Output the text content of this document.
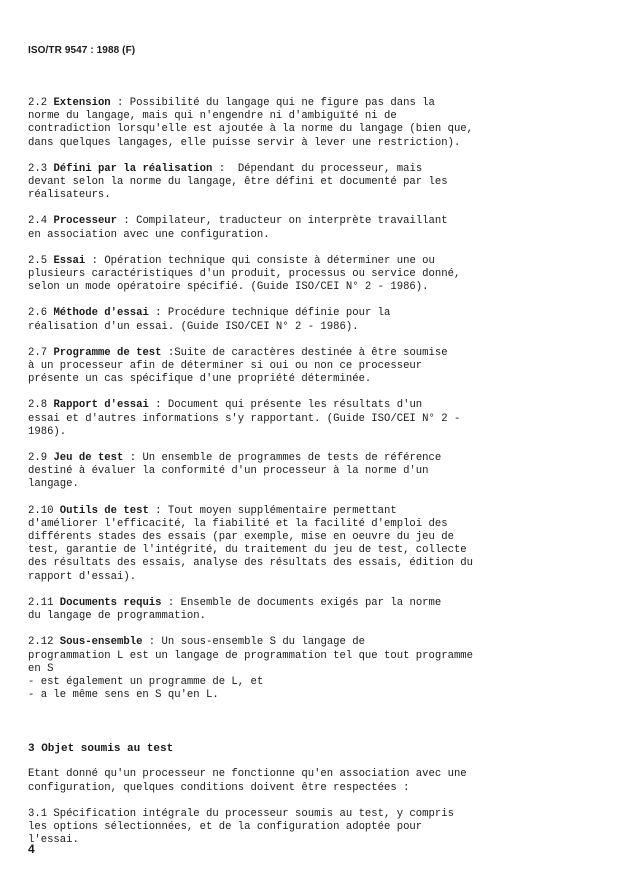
ISO/TR 9547 : 1988 (F)

2.2 Extension : Possibilité du langage qui ne figure pas dans la
norme du langage, mais qui n'engendre ni d'ambiguïté ni de
contradiction lorsqu'elle est ajoutée à la norme du langage (bien que,
dans quelques langages, elle puisse servir à lever une restriction).

2.3 Défini par la réalisation :  Dépendant du processeur, mais
devant selon la norme du langage, être défini et documenté par les
réalisateurs.

2.4 Processeur : Compilateur, traducteur on interprète travaillant
en association avec une configuration.

2.5 Essai : Opération technique qui consiste à déterminer une ou
plusieurs caractéristiques d'un produit, processus ou service donné,
selon un mode opératoire spécifié. (Guide ISO/CEI N° 2 - 1986).

2.6 Méthode d'essai : Procédure technique définie pour la
réalisation d'un essai. (Guide ISO/CEI N° 2 - 1986).

2.7 Programme de test :Suite de caractères destinée à être soumise
à un processeur afin de déterminer si oui ou non ce processeur
présente un cas spécifique d'une propriété déterminée.

2.8 Rapport d'essai : Document qui présente les résultats d'un
essai et d'autres informations s'y rapportant. (Guide ISO/CEI N° 2 -
1986).

2.9 Jeu de test : Un ensemble de programmes de tests de référence
destiné à évaluer la conformité d'un processeur à la norme d'un
langage.

2.10 Outils de test : Tout moyen supplémentaire permettant
d'améliorer l'efficacité, la fiabilité et la facilité d'emploi des
différents stades des essais (par exemple, mise en oeuvre du jeu de
test, garantie de l'intégrité, du traitement du jeu de test, collecte
des résultats des essais, analyse des résultats des essais, édition du
rapport d'essai).

2.11 Documents requis : Ensemble de documents exigés par la norme
du langage de programmation.

2.12 Sous-ensemble : Un sous-ensemble S du langage de
programmation L est un langage de programmation tel que tout programme
en S
- est également un programme de L, et
- a le même sens en S qu'en L.

3 Objet soumis au test

Etant donné qu'un processeur ne fonctionne qu'en association avec une
configuration, quelques conditions doivent être respectées :

3.1 Spécification intégrale du processeur soumis au test, y compris
les options sélectionnées, et de la configuration adoptée pour
l'essai.

4
